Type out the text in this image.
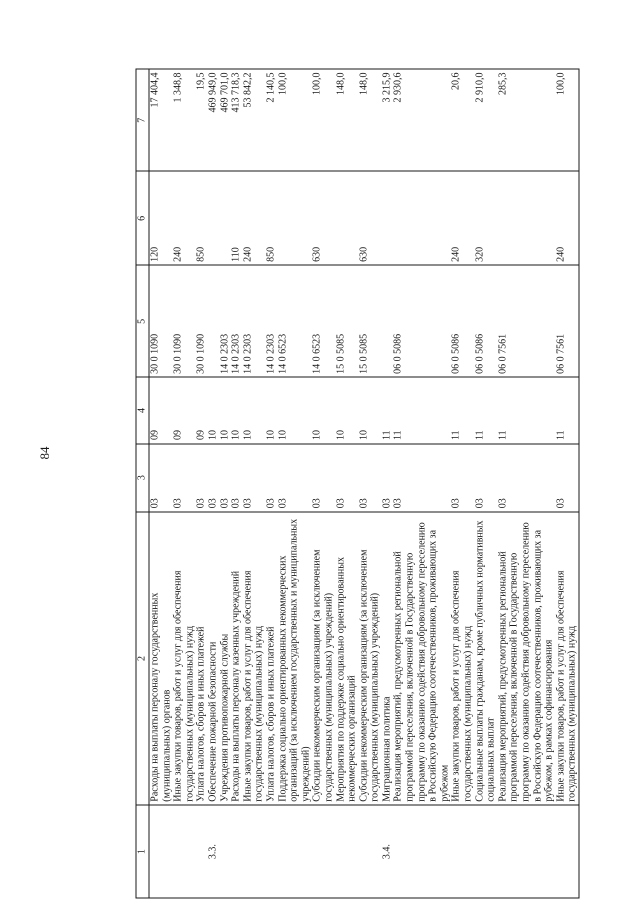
84
1	2	3	4	5	6	7
	Расходы на выплаты персоналу государственных (муниципальных) органов	03	09	30 0 1090	120	17 404,4
	Иные закупки товаров, работ и услуг для обеспечения государственных (муниципальных) нужд	03	09	30 0 1090	240	1 348,8
	Уплата налогов, сборов и иных платежей	03	09	30 0 1090	850	19,5
3.3.	Обеспечение пожарной безопасности	03	10			469 949,0
	Учреждения противопожарной службы	03	10	14 0 2303		469 701,0
	Расходы на выплаты персоналу казенных учреждений	03	10	14 0 2303	110	413 718,3
	Иные закупки товаров, работ и услуг для обеспечения государственных (муниципальных) нужд	03	10	14 0 2303	240	53 842,2
	Уплата налогов, сборов и иных платежей	03	10	14 0 2303	850	2 140,5
	Поддержка социально ориентированных некоммерческих организаций (за исключением государственных и муниципальных учреждений)	03	10	14 0 6523		100,0
	Субсидии некоммерческим организациям (за исключением государственных (муниципальных) учреждений)	03	10	14 0 6523	630	100,0
	Мероприятия по поддержке социально ориентированных некоммерческих организаций	03	10	15 0 5085		148,0
	Субсидии некоммерческим организациям (за исключением государственных (муниципальных) учреждений)	03	10	15 0 5085	630	148,0
3.4.	Миграционная политика	03	11			3 215,9
	Реализация мероприятий, предусмотренных региональной программой переселения, включенной в Государственную программу по оказанию содействия добровольному переселению в Российскую Федерацию соотечественников, проживающих за рубежом	03	11	06 0 5086		2 930,6
	Иные закупки товаров, работ и услуг для обеспечения государственных (муниципальных) нужд	03	11	06 0 5086	240	20,6
	Социальные выплаты гражданам, кроме публичных нормативных социальных выплат	03	11	06 0 5086	320	2 910,0
	Реализация мероприятий, предусмотренных региональной программой переселения, включенной в Государственную программу по оказанию содействия добровольному переселению в Российскую Федерацию соотечественников, проживающих за рубежом, в рамках софинансирования	03	11	06 0 7561		285,3
	Иные закупки товаров, работ и услуг для обеспечения государственных (муниципальных) нужд	03	11	06 0 7561	240	100,0
